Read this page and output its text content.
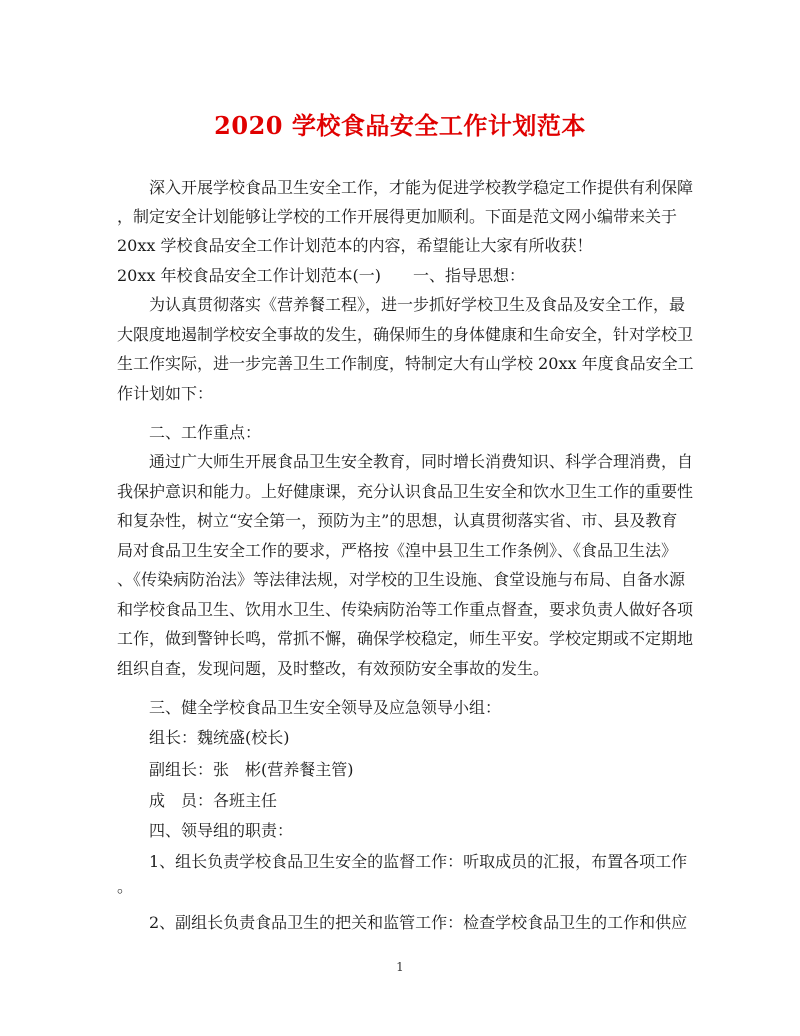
2020 学校食品安全工作计划范本

深入开展学校食品卫生安全工作，才能为促进学校教学稳定工作提供有利保障

，制定安全计划能够让学校的工作开展得更加顺利。下面是范文网小编带来关于

20xx 学校食品安全工作计划范本的内容，希望能让大家有所收获！

20xx 年校食品安全工作计划范本(一)　　一、指导思想：

为认真贯彻落实《营养餐工程》，进一步抓好学校卫生及食品及安全工作，最

大限度地遏制学校安全事故的发生，确保师生的身体健康和生命安全，针对学校卫

生工作实际，进一步完善卫生工作制度，特制定大有山学校 20xx 年度食品安全工

作计划如下：

二、工作重点：

通过广大师生开展食品卫生安全教育，同时增长消费知识、科学合理消费，自

我保护意识和能力。上好健康课，充分认识食品卫生安全和饮水卫生工作的重要性

和复杂性，树立“安全第一，预防为主”的思想，认真贯彻落实省、市、县及教育

局对食品卫生安全工作的要求，严格按《湟中县卫生工作条例》、《食品卫生法》

、《传染病防治法》等法律法规，对学校的卫生设施、食堂设施与布局、自备水源

和学校食品卫生、饮用水卫生、传染病防治等工作重点督查，要求负责人做好各项

工作，做到警钟长鸣，常抓不懈，确保学校稳定，师生平安。学校定期或不定期地

组织自查，发现问题，及时整改，有效预防安全事故的发生。

三、健全学校食品卫生安全领导及应急领导小组：

组长：魏统盛(校长)

副组长：张　彬(营养餐主管)

成　员：各班主任

四、领导组的职责：

1、组长负责学校食品卫生安全的监督工作：听取成员的汇报，布置各项工作

。

2、副组长负责食品卫生的把关和监管工作：检查学校食品卫生的工作和供应

1
